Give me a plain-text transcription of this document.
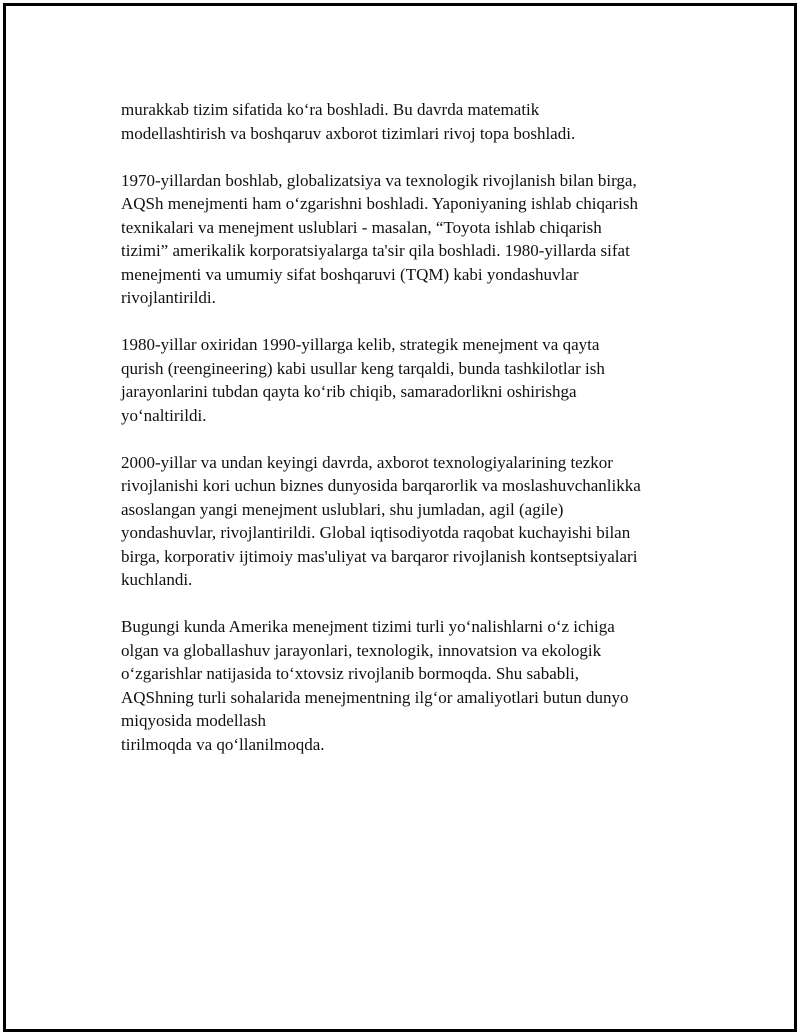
murakkab tizim sifatida ko‘ra boshladi. Bu davrda matematik
modellashtirish va boshqaruv axborot tizimlari rivoj topa boshladi.

1970-yillardan boshlab, globalizatsiya va texnologik rivojlanish bilan birga,
AQSh menejmenti ham o‘zgarishni boshladi. Yaponiyaning ishlab chiqarish
texnikalari va menejment uslublari - masalan, “Toyota ishlab chiqarish
tizimi” amerikalik korporatsiyalarga ta'sir qila boshladi. 1980-yillarda sifat
menejmenti va umumiy sifat boshqaruvi (TQM) kabi yondashuvlar
rivojlantirildi.

1980-yillar oxiridan 1990-yillarga kelib, strategik menejment va qayta
qurish (reengineering) kabi usullar keng tarqaldi, bunda tashkilotlar ish
jarayonlarini tubdan qayta ko‘rib chiqib, samaradorlikni oshirishga
yo‘naltirildi.

2000-yillar va undan keyingi davrda, axborot texnologiyalarining tezkor
rivojlanishi kori uchun biznes dunyosida barqarorlik va moslashuvchanlikka
asoslangan yangi menejment uslublari, shu jumladan, agil (agile)
yondashuvlar, rivojlantirildi. Global iqtisodiyotda raqobat kuchayishi bilan
birga, korporativ ijtimoiy mas'uliyat va barqaror rivojlanish kontseptsiyalari
kuchlandi.

Bugungi kunda Amerika menejment tizimi turli yo‘nalishlarni o‘z ichiga
olgan va globallashuv jarayonlari, texnologik, innovatsion va ekologik
o‘zgarishlar natijasida to‘xtovsiz rivojlanib bormoqda. Shu sababli,
AQShning turli sohalarida menejmentning ilg‘or amaliyotlari butun dunyo
miqyosida modellash
tirilmoqda va qo‘llanilmoqda.
